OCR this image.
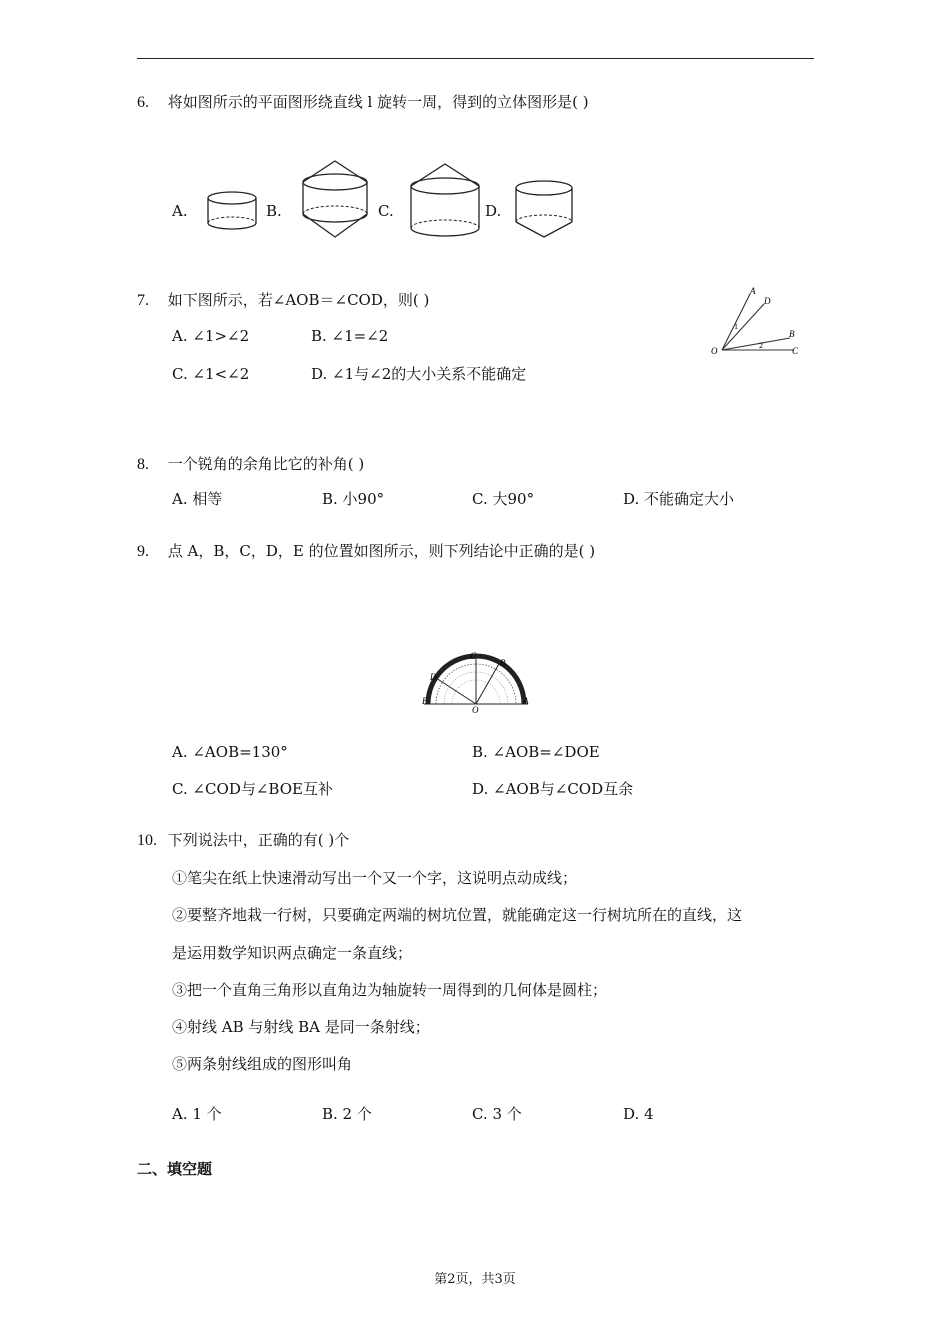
6. 将如图所示的平面图形绕直线 l 旋转一周，得到的立体图形是( )
A.	B.	C.	D.
7. 如下图所示，若∠AOB＝∠COD，则( )
A. ∠1>∠2	B. ∠1=∠2
C. ∠1<∠2	D. ∠1与∠2的大小关系不能确定
A
D
B
C
O
1
2
8. 一个锐角的余角比它的补角( )
A. 相等	B. 小90°	C. 大90°	D. 不能确定大小
9. 点 A，B，C，D，E 的位置如图所示，则下列结论中正确的是( )
C
B
D
E	A
O
A. ∠AOB=130°	B. ∠AOB=∠DOE
C. ∠COD与∠BOE互补	D. ∠AOB与∠COD互余
10. 下列说法中，正确的有( )个
①笔尖在纸上快速滑动写出一个又一个字，这说明点动成线；
②要整齐地栽一行树，只要确定两端的树坑位置，就能确定这一行树坑所在的直线，这
是运用数学知识两点确定一条直线；
③把一个直角三角形以直角边为轴旋转一周得到的几何体是圆柱；
④射线 AB 与射线 BA 是同一条射线；
⑤两条射线组成的图形叫角
A. 1 个	B. 2 个	C. 3 个	D. 4
二、填空题
第2页，共3页
